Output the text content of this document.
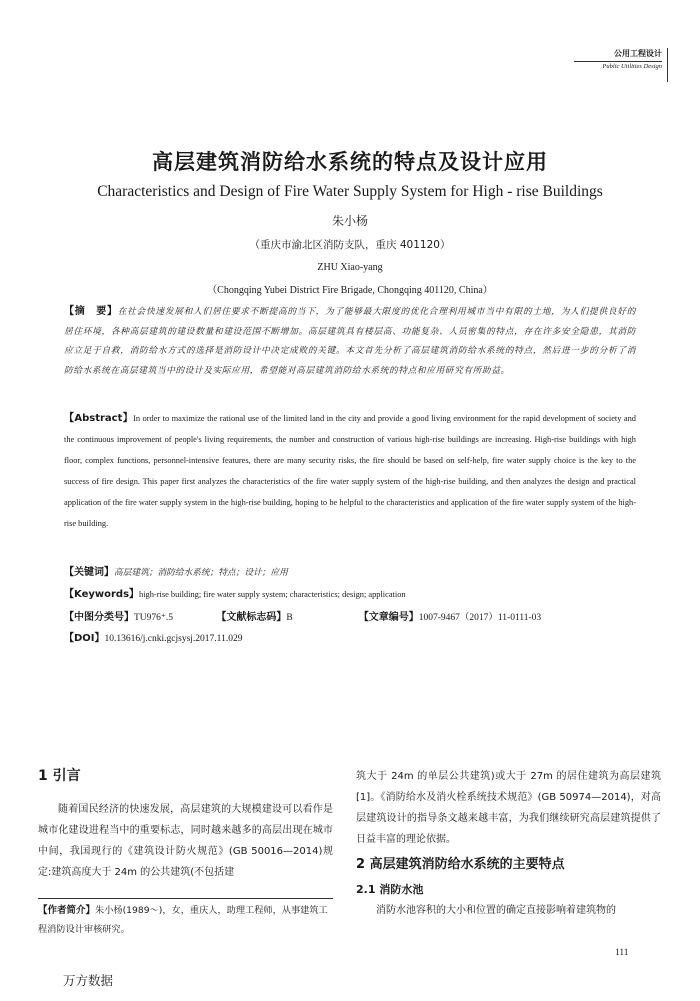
公用工程设计
Public Utilities Design
高层建筑消防给水系统的特点及设计应用
Characteristics and Design of Fire Water Supply System for High - rise Buildings
朱小杨
（重庆市渝北区消防支队，重庆 401120）
ZHU Xiao-yang
（Chongqing Yubei District Fire Brigade, Chongqing 401120, China）
【摘　要】在社会快速发展和人们居住要求不断提高的当下，为了能够最大限度的优化合理利用城市当中有限的土地，为人们提供良好的居住环境，各种高层建筑的建设数量和建设范围不断增加。高层建筑具有楼层高、功能复杂、人员密集的特点，存在许多安全隐患，其消防应立足于自救，消防给水方式的选择是消防设计中决定成败的关键。本文首先分析了高层建筑消防给水系统的特点，然后进一步的分析了消防给水系统在高层建筑当中的设计及实际应用，希望能对高层建筑消防给水系统的特点和应用研究有所助益。
【Abstract】In order to maximize the rational use of the limited land in the city and provide a good living environment for the rapid development of society and the continuous improvement of people's living requirements, the number and construction of various high-rise buildings are increasing. High-rise buildings with high floor, complex functions, personnel-intensive features, there are many security risks, the fire should be based on self-help, fire water supply choice is the key to the success of fire design. This paper first analyzes the characteristics of the fire water supply system of the high-rise building, and then analyzes the design and practical application of the fire water supply system in the high-rise building, hoping to be helpful to the characteristics and application of the fire water supply system of the high-rise building.
【关键词】高层建筑；消防给水系统；特点；设计；应用
【Keywords】high-rise building; fire water supply system; characteristics; design; application
【中图分类号】TU976⁺.5	【文献标志码】B	【文章编号】1007-9467（2017）11-0111-03
【DOI】10.13616/j.cnki.gcjsysj.2017.11.029
1 引言

随着国民经济的快速发展，高层建筑的大规模建设可以看作是城市化建设进程当中的重要标志，同时越来越多的高层出现在城市中间，我国现行的《建筑设计防火规范》(GB 50016—2014)规定:建筑高度大于 24m 的公共建筑(不包括建

筑大于 24m 的单层公共建筑)或大于 27m 的居住建筑为高层建筑 [1]。《消防给水及消火栓系统技术规范》(GB 50974—2014)，对高层建筑设计的指导条文越来越丰富，为我们继续研究高层建筑提供了日益丰富的理论依据。

2 高层建筑消防给水系统的主要特点
2.1 消防水池

消防水池容积的大小和位置的确定直接影响着建筑物的

【作者简介】朱小杨(1989～)，女，重庆人，助理工程师，从事建筑工程消防设计审核研究。
111
万方数据
